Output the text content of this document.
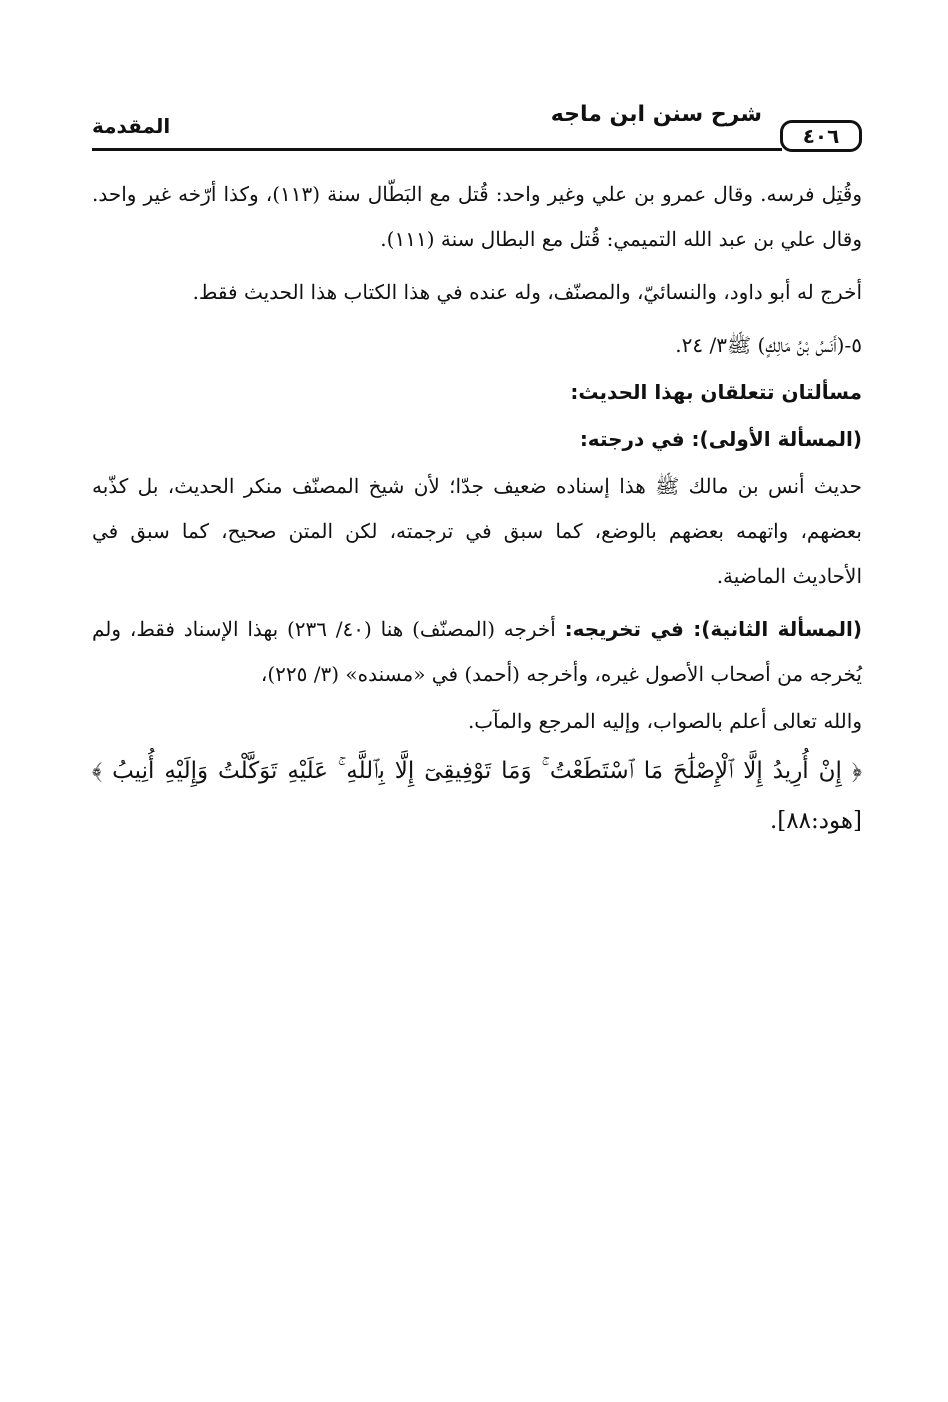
٤٠٦
شرح سنن ابن ماجه
المقدمة

وقُتِل فرسه. وقال عمرو بن علي وغير واحد: قُتل مع البَطّال سنة (١١٣)، وكذا أرّخه غير واحد. وقال علي بن عبد الله التميمي: قُتل مع البطال سنة (١١١).

أخرج له أبو داود، والنسائيّ، والمصنّف، وله عنده في هذا الكتاب هذا الحديث فقط.

٥-(أَنَسُ بْنُ مَالِكٍ) ﷺ٣/ ٢٤.

مسألتان تتعلقان بهذا الحديث:

(المسألة الأولى): في درجته:

حديث أنس بن مالك ﷺ هذا إسناده ضعيف جدّا؛ لأن شيخ المصنّف منكر الحديث، بل كذّبه بعضهم، واتهمه بعضهم بالوضع، كما سبق في ترجمته، لكن المتن صحيح، كما سبق في الأحاديث الماضية.

(المسألة الثانية): في تخريجه: أخرجه (المصنّف) هنا (٤٠/ ٢٣٦) بهذا الإسناد فقط، ولم يُخرجه من أصحاب الأصول غيره، وأخرجه (أحمد) في «مسنده» (٣/ ٢٢٥)،

والله تعالى أعلم بالصواب، وإليه المرجع والمآب.

﴿ إِنْ أُرِيدُ إِلَّا ٱلْإِصْلَٰحَ مَا ٱسْتَطَعْتُ ۚ وَمَا تَوْفِيقِىٓ إِلَّا بِٱللَّهِ ۚ عَلَيْهِ تَوَكَّلْتُ وَإِلَيْهِ أُنِيبُ ﴾ [هود:٨٨].
